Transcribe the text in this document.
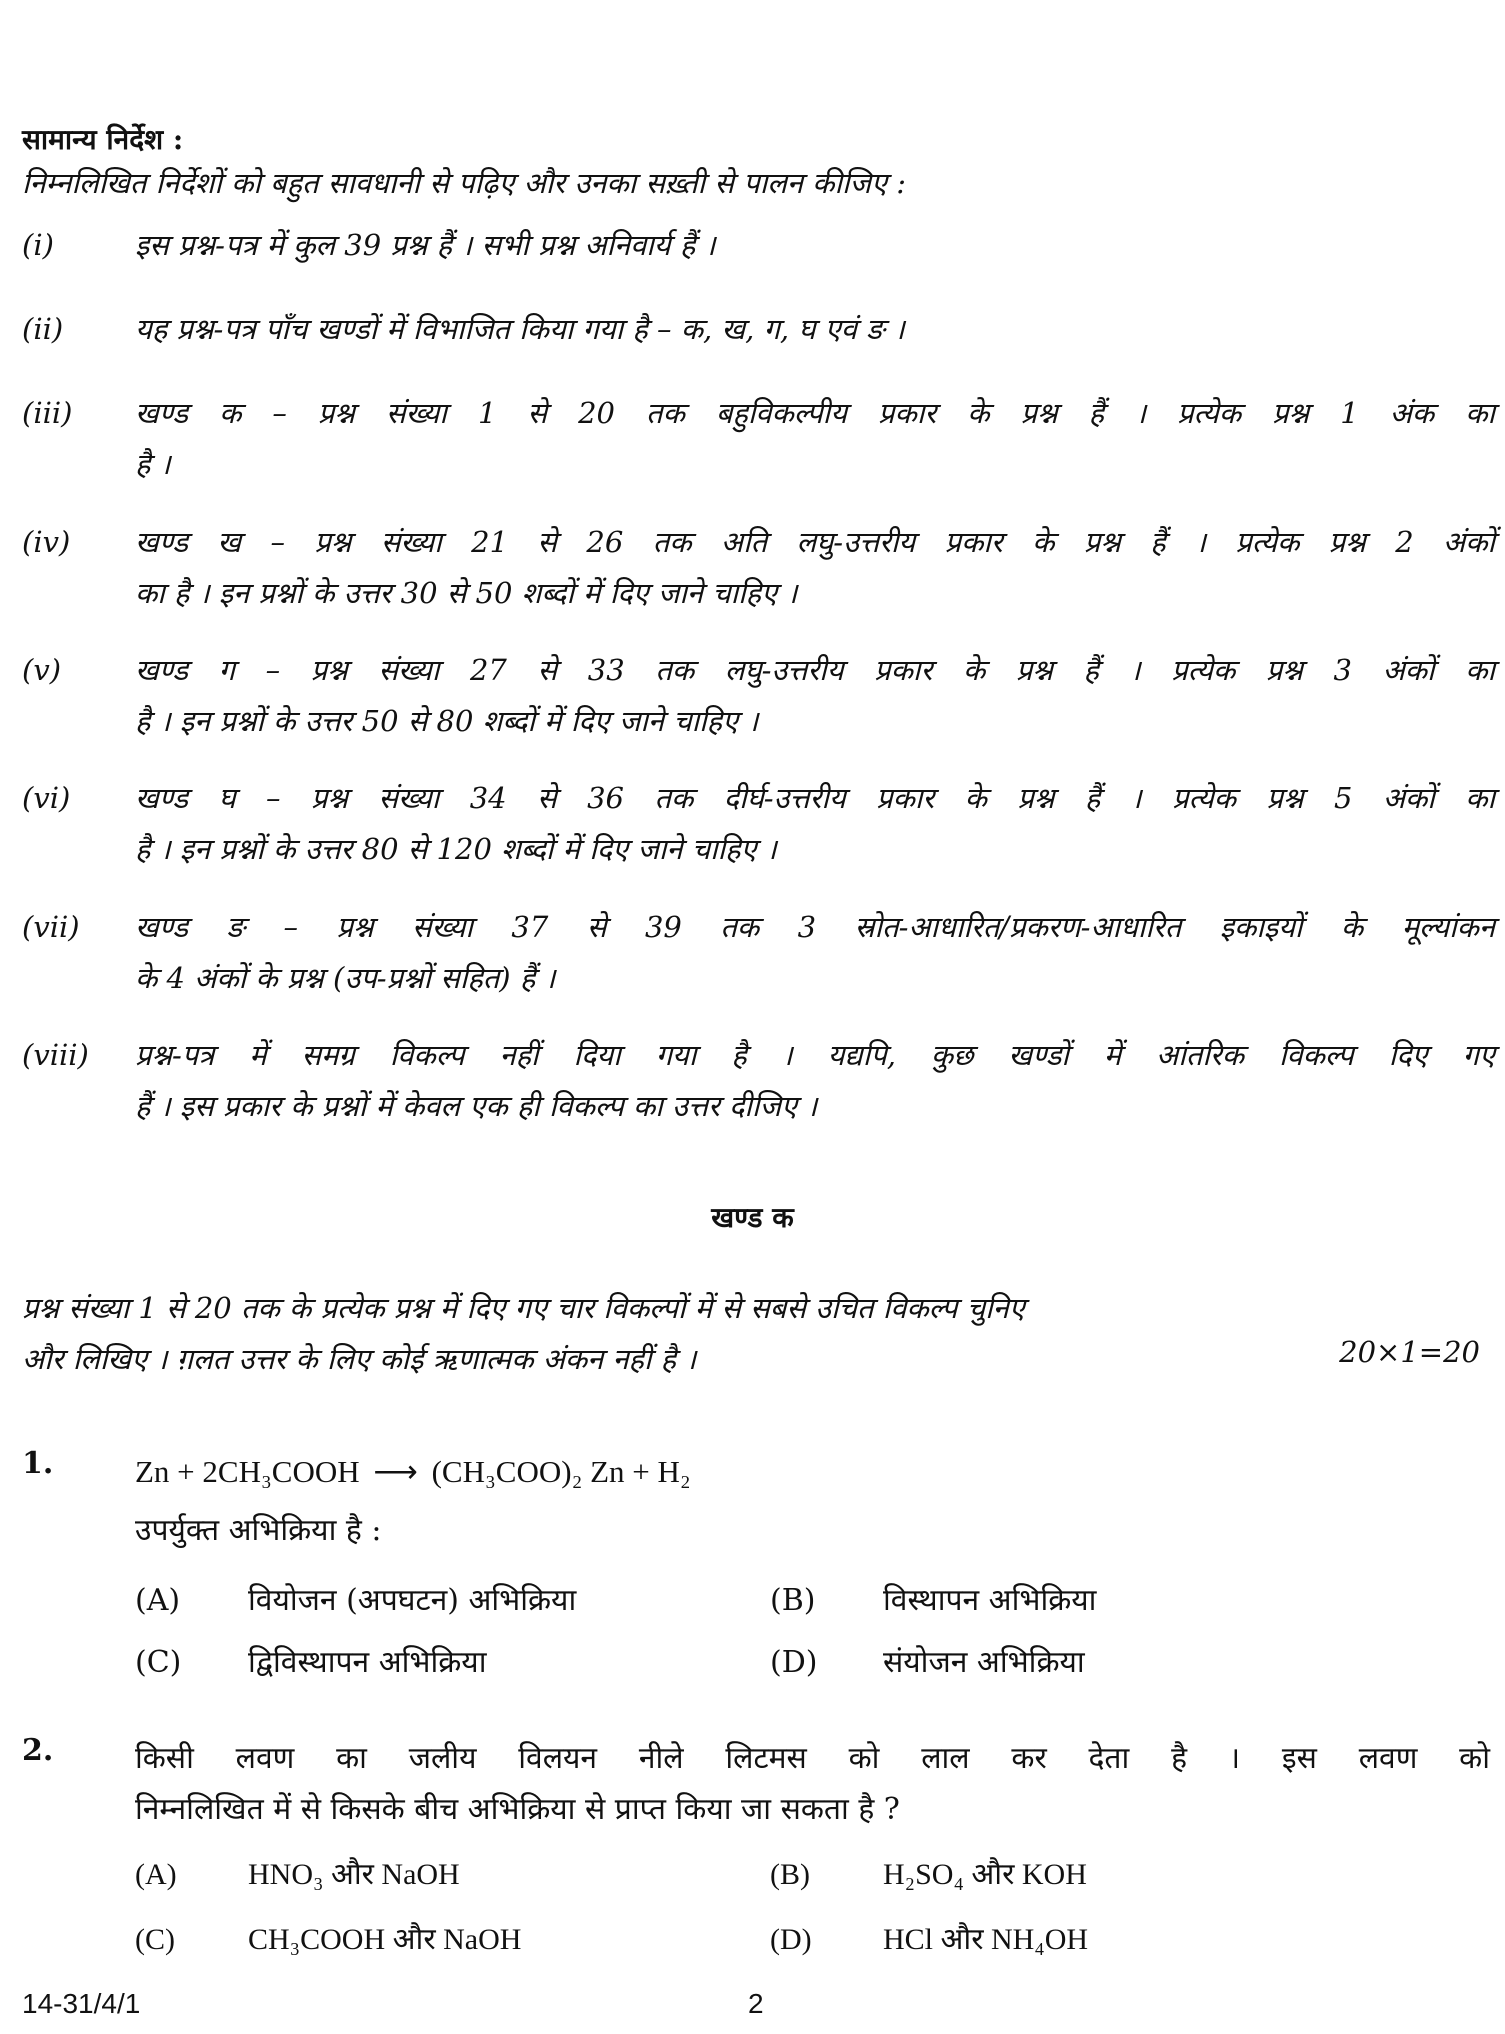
सामान्य निर्देश :
निम्नलिखित निर्देशों को बहुत सावधानी से पढ़िए और उनका सख़्ती से पालन कीजिए :
(i)	इस प्रश्न-पत्र में कुल 39 प्रश्न हैं । सभी प्रश्न अनिवार्य हैं ।
(ii) यह प्रश्न-पत्र पाँच खण्डों में विभाजित किया गया है – क, ख, ग, घ एवं ङ ।
(iii) खण्ड क – प्रश्न संख्या 1 से 20 तक बहुविकल्पीय प्रकार के प्रश्न हैं । प्रत्येक प्रश्न 1 अंक का
है ।
(iv) खण्ड ख – प्रश्न संख्या 21 से 26 तक अति लघु-उत्तरीय प्रकार के प्रश्न हैं । प्रत्येक प्रश्न 2 अंकों
का है । इन प्रश्नों के उत्तर 30 से 50 शब्दों में दिए जाने चाहिए ।
(v)	खण्ड ग – प्रश्न संख्या 27 से 33 तक लघु-उत्तरीय प्रकार के प्रश्न हैं । प्रत्येक प्रश्न 3 अंकों का
है । इन प्रश्नों के उत्तर 50 से 80 शब्दों में दिए जाने चाहिए ।
(vi) खण्ड घ – प्रश्न संख्या 34 से 36 तक दीर्घ-उत्तरीय प्रकार के प्रश्न हैं । प्रत्येक प्रश्न 5 अंकों का
है । इन प्रश्नों के उत्तर 80 से 120 शब्दों में दिए जाने चाहिए ।
(vii) खण्ड ङ – प्रश्न संख्या 37 से 39 तक 3 स्रोत-आधारित/प्रकरण-आधारित इकाइयों के मूल्यांकन
के 4 अंकों के प्रश्न (उप-प्रश्नों सहित) हैं ।
(viii) प्रश्न-पत्र में समग्र विकल्प नहीं दिया गया है । यद्यपि, कुछ खण्डों में आंतरिक विकल्प दिए गए
हैं । इस प्रकार के प्रश्नों में केवल एक ही विकल्प का उत्तर दीजिए ।
खण्ड क
प्रश्न संख्या 1 से 20 तक के प्रत्येक प्रश्न में दिए गए चार विकल्पों में से सबसे उचित विकल्प चुनिए
और लिखिए । ग़लत उत्तर के लिए कोई ऋणात्मक अंकन नहीं है ।	20×1=20
1.	Zn + 2CH₃COOH ⟶ (CH₃COO)₂ Zn + H₂
उपर्युक्त अभिक्रिया है :
(A) वियोजन (अपघटन) अभिक्रिया	(B) विस्थापन अभिक्रिया
(C) द्विविस्थापन अभिक्रिया	(D) संयोजन अभिक्रिया
2.	किसी लवण का जलीय विलयन नीले लिटमस को लाल कर देता है । इस लवण को
निम्नलिखित में से किसके बीच अभिक्रिया से प्राप्त किया जा सकता है ?
(A) HNO₃ और NaOH	(B) H₂SO₄ और KOH
(C) CH₃COOH और NaOH	(D) HCl और NH₄OH
14-31/4/1	2
